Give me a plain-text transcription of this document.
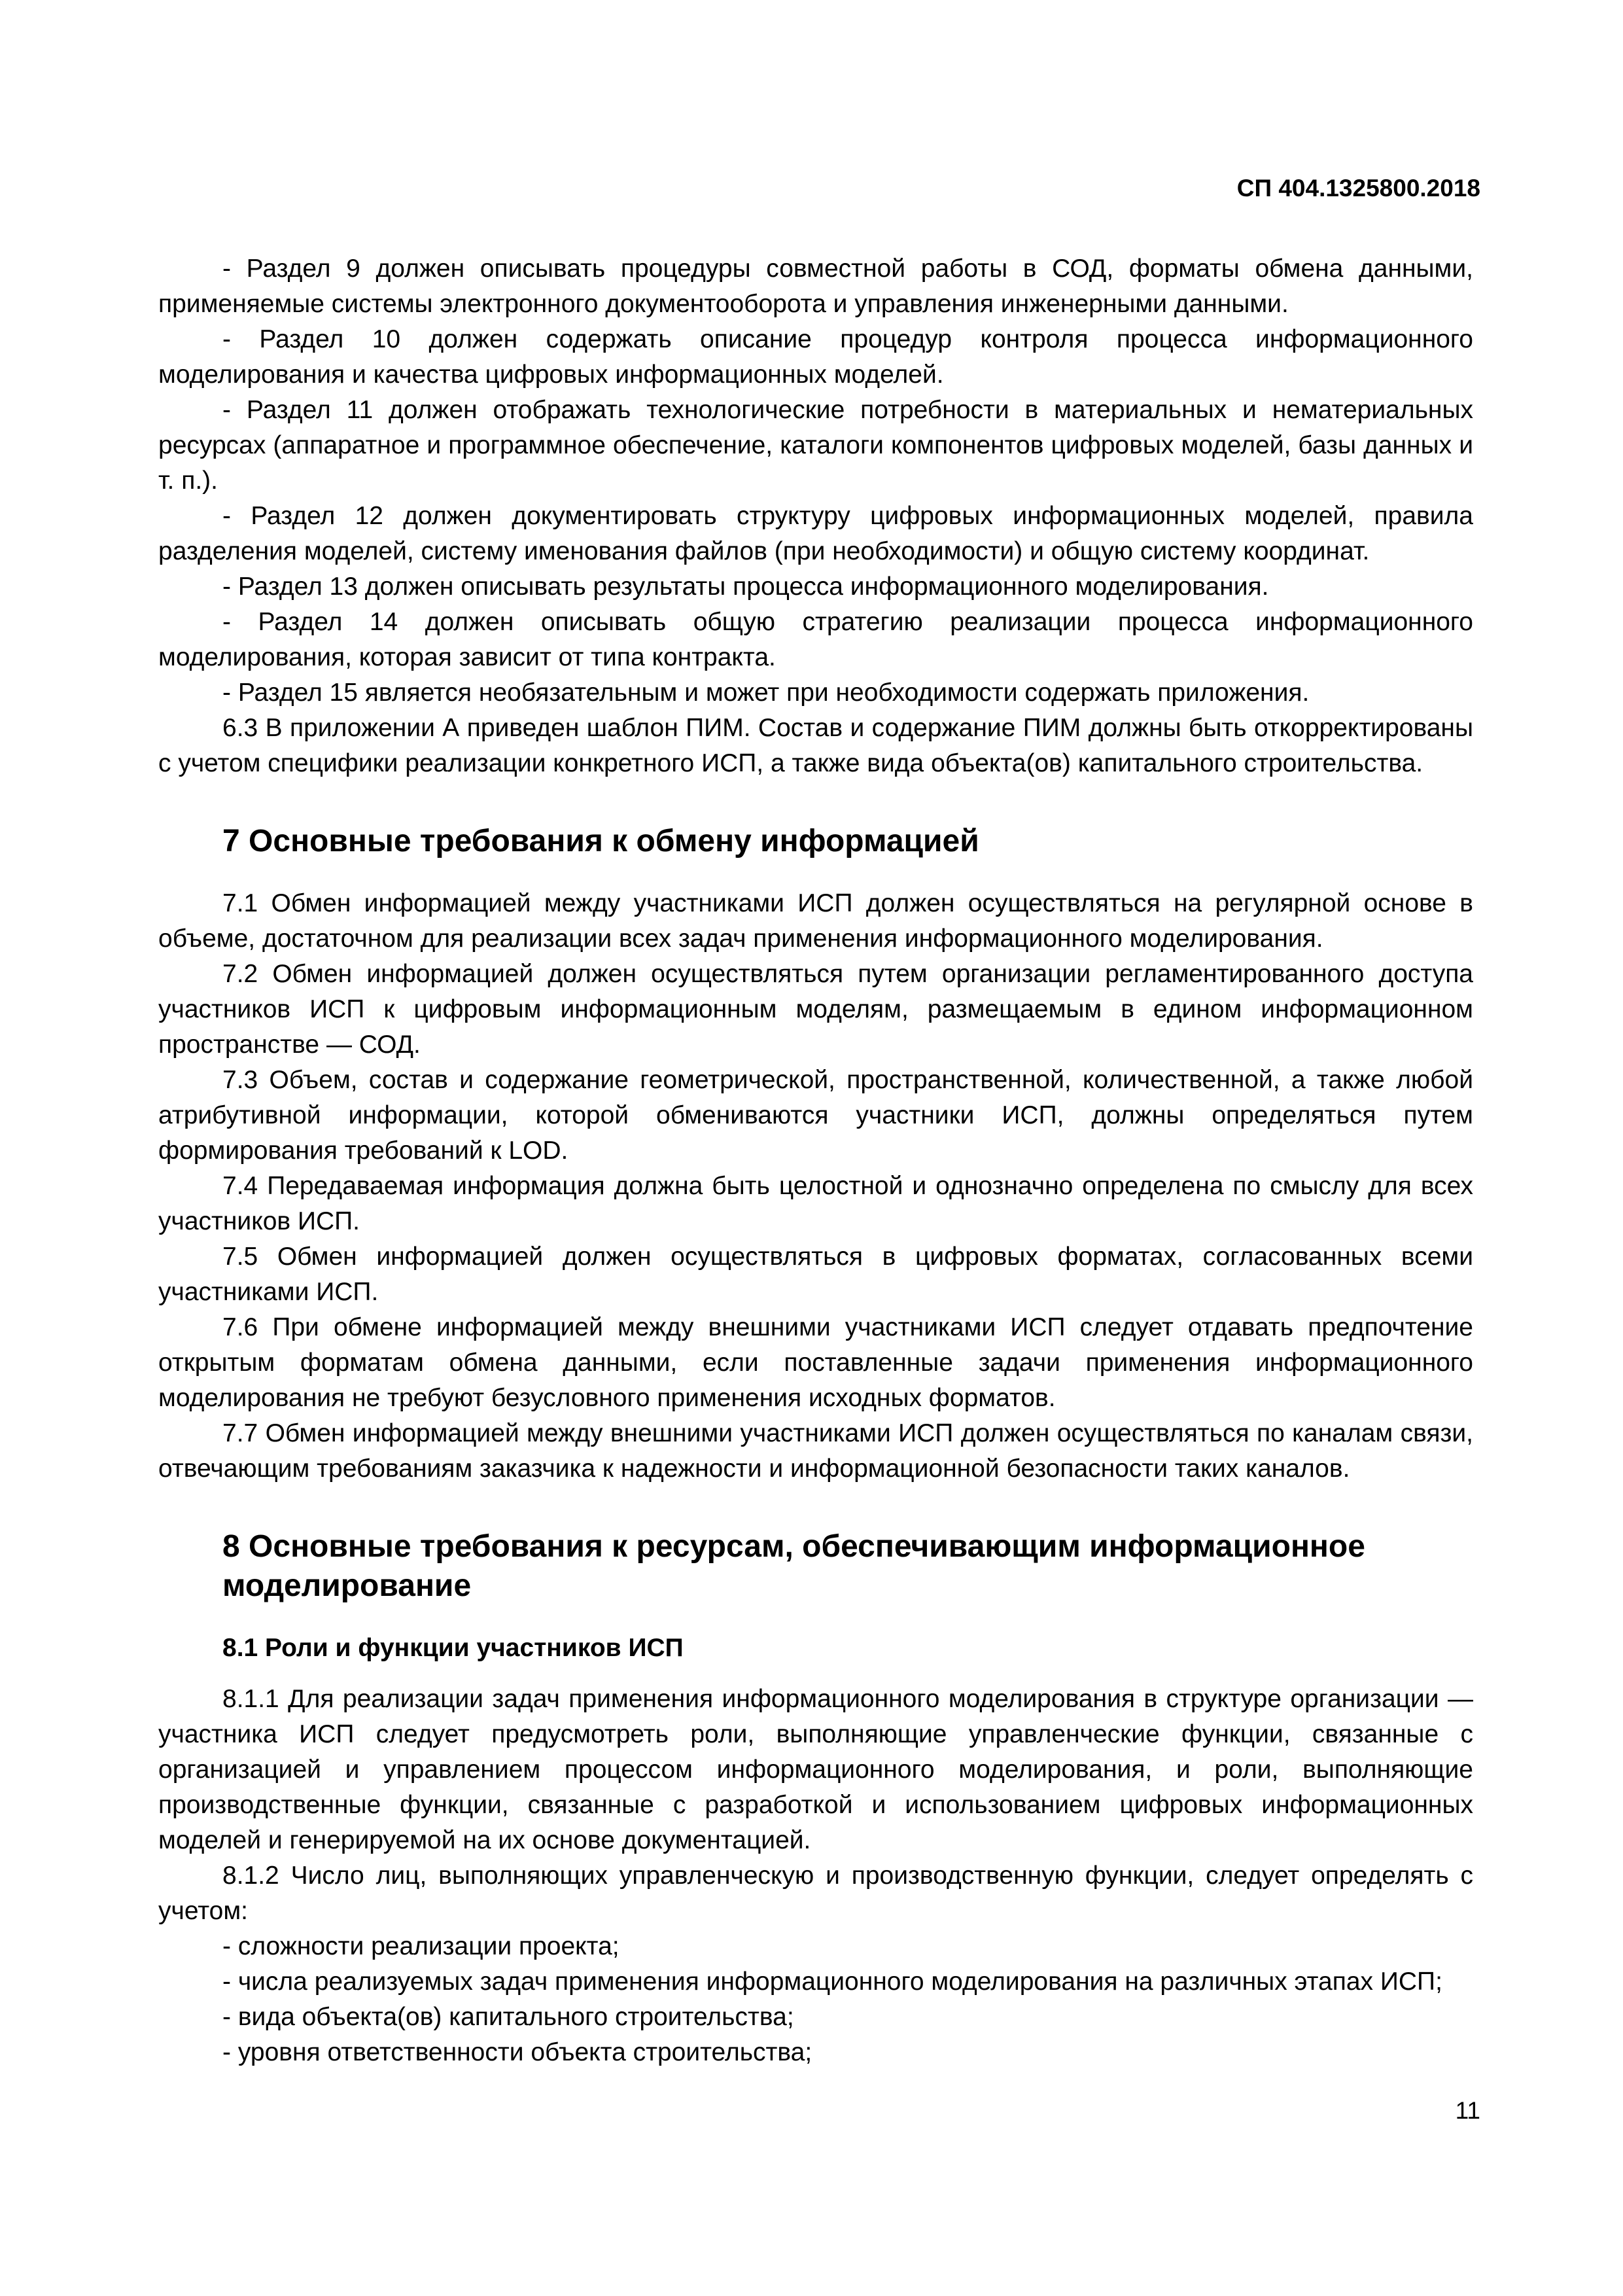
СП 404.1325800.2018

- Раздел 9 должен описывать процедуры совместной работы в СОД, форматы обмена данными, применяемые системы электронного документооборота и управления инженерными данными.

- Раздел 10 должен содержать описание процедур контроля процесса информационного моделирования и качества цифровых информационных моделей.

- Раздел 11 должен отображать технологические потребности в материальных и нематериальных ресурсах (аппаратное и программное обеспечение, каталоги компонентов цифровых моделей, базы данных и т. п.).

- Раздел 12 должен документировать структуру цифровых информационных моделей, правила разделения моделей, систему именования файлов (при необходимости) и общую систему координат.

- Раздел 13 должен описывать результаты процесса информационного моделирования.

- Раздел 14 должен описывать общую стратегию реализации процесса информационного моделирования, которая зависит от типа контракта.

- Раздел 15 является необязательным и может при необходимости содержать приложения.

6.3 В приложении А приведен шаблон ПИМ. Состав и содержание ПИМ должны быть откорректированы с учетом специфики реализации конкретного ИСП, а также вида объекта(ов) капитального строительства.

7 Основные требования к обмену информацией

7.1 Обмен информацией между участниками ИСП должен осуществляться на регулярной основе в объеме, достаточном для реализации всех задач применения информационного моделирования.

7.2 Обмен информацией должен осуществляться путем организации регламентированного доступа участников ИСП к цифровым информационным моделям, размещаемым в едином информационном пространстве — СОД.

7.3 Объем, состав и содержание геометрической, пространственной, количественной, а также любой атрибутивной информации, которой обмениваются участники ИСП, должны определяться путем формирования требований к LOD.

7.4 Передаваемая информация должна быть целостной и однозначно определена по смыслу для всех участников ИСП.

7.5 Обмен информацией должен осуществляться в цифровых форматах, согласованных всеми участниками ИСП.

7.6 При обмене информацией между внешними участниками ИСП следует отдавать предпочтение открытым форматам обмена данными, если поставленные задачи применения информационного моделирования не требуют безусловного применения исходных форматов.

7.7 Обмен информацией между внешними участниками ИСП должен осуществляться по каналам связи, отвечающим требованиям заказчика к надежности и информационной безопасности таких каналов.

8 Основные требования к ресурсам, обеспечивающим информационное моделирование
8.1 Роли и функции участников ИСП

8.1.1 Для реализации задач применения информационного моделирования в структуре организации — участника ИСП следует предусмотреть роли, выполняющие управленческие функции, связанные с организацией и управлением процессом информационного моделирования, и роли, выполняющие производственные функции, связанные с разработкой и использованием цифровых информационных моделей и генерируемой на их основе документацией.

8.1.2 Число лиц, выполняющих управленческую и производственную функции, следует определять с учетом:

- сложности реализации проекта;

- числа реализуемых задач применения информационного моделирования на различных этапах ИСП;

- вида объекта(ов) капитального строительства;

- уровня ответственности объекта строительства;

11
